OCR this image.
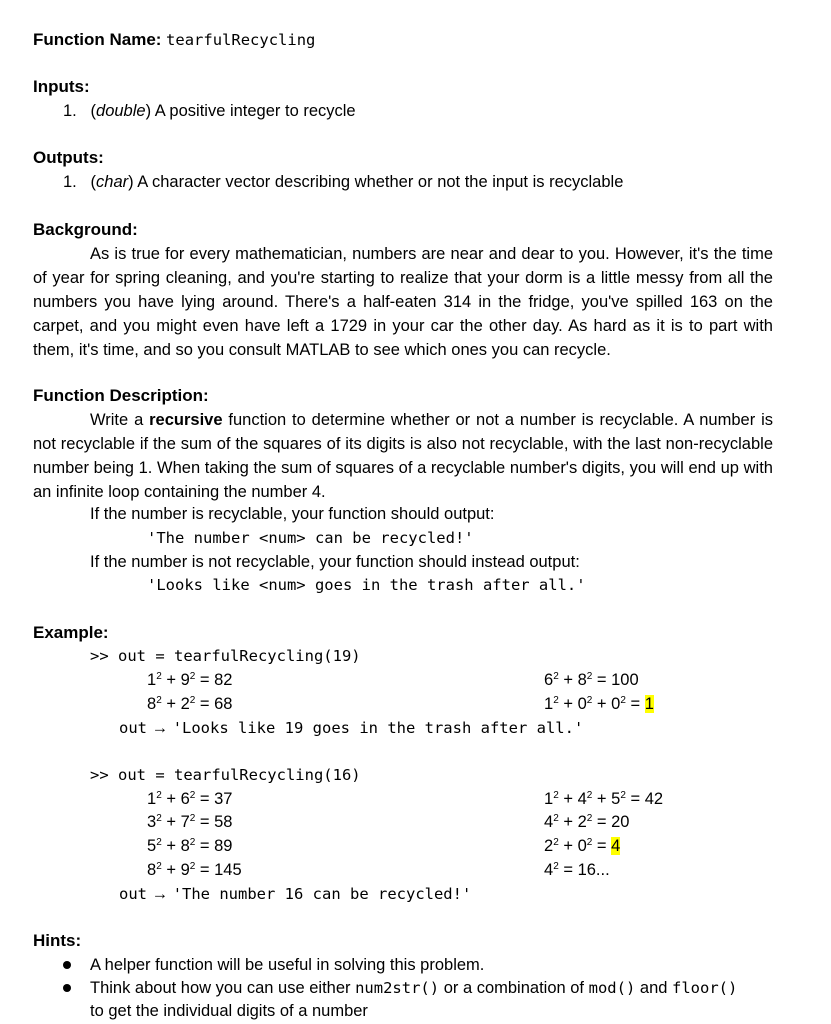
Function Name: tearfulRecycling
Inputs:
1.   (double) A positive integer to recycle
Outputs:
1.   (char) A character vector describing whether or not the input is recyclable
Background:
As is true for every mathematician, numbers are near and dear to you. However, it's the time of year for spring cleaning, and you're starting to realize that your dorm is a little messy from all the numbers you have lying around. There's a half-eaten 314 in the fridge, you've spilled 163 on the carpet, and you might even have left a 1729 in your car the other day. As hard as it is to part with them, it's time, and so you consult MATLAB to see which ones you can recycle.
Function Description:
Write a recursive function to determine whether or not a number is recyclable. A number is not recyclable if the sum of the squares of its digits is also not recyclable, with the last non-recyclable number being 1. When taking the sum of squares of a recyclable number's digits, you will end up with an infinite loop containing the number 4.
If the number is recyclable, your function should output:
'The number <num> can be recycled!'
If the number is not recyclable, your function should instead output:
'Looks like <num> goes in the trash after all.'
Example:
>> out = tearfulRecycling(19)
$1^2 + 9^2 = 82$
$8^2 + 2^2 = 68$
$6^2 + 8^2 = 100$
$1^2 + 0^2 + 0^2 = 1$
out → 'Looks like 19 goes in the trash after all.'
>> out = tearfulRecycling(16)
$1^2 + 6^2 = 37$
$3^2 + 7^2 = 58$
$5^2 + 8^2 = 89$
$8^2 + 9^2 = 145$
$1^2 + 4^2 + 5^2 = 42$
$4^2 + 2^2 = 20$
$2^2 + 0^2 = 4$
$4^2 = 16$...
out → 'The number 16 can be recycled!'
Hints:
A helper function will be useful in solving this problem.
Think about how you can use either num2str() or a combination of mod() and floor()
to get the individual digits of a number
